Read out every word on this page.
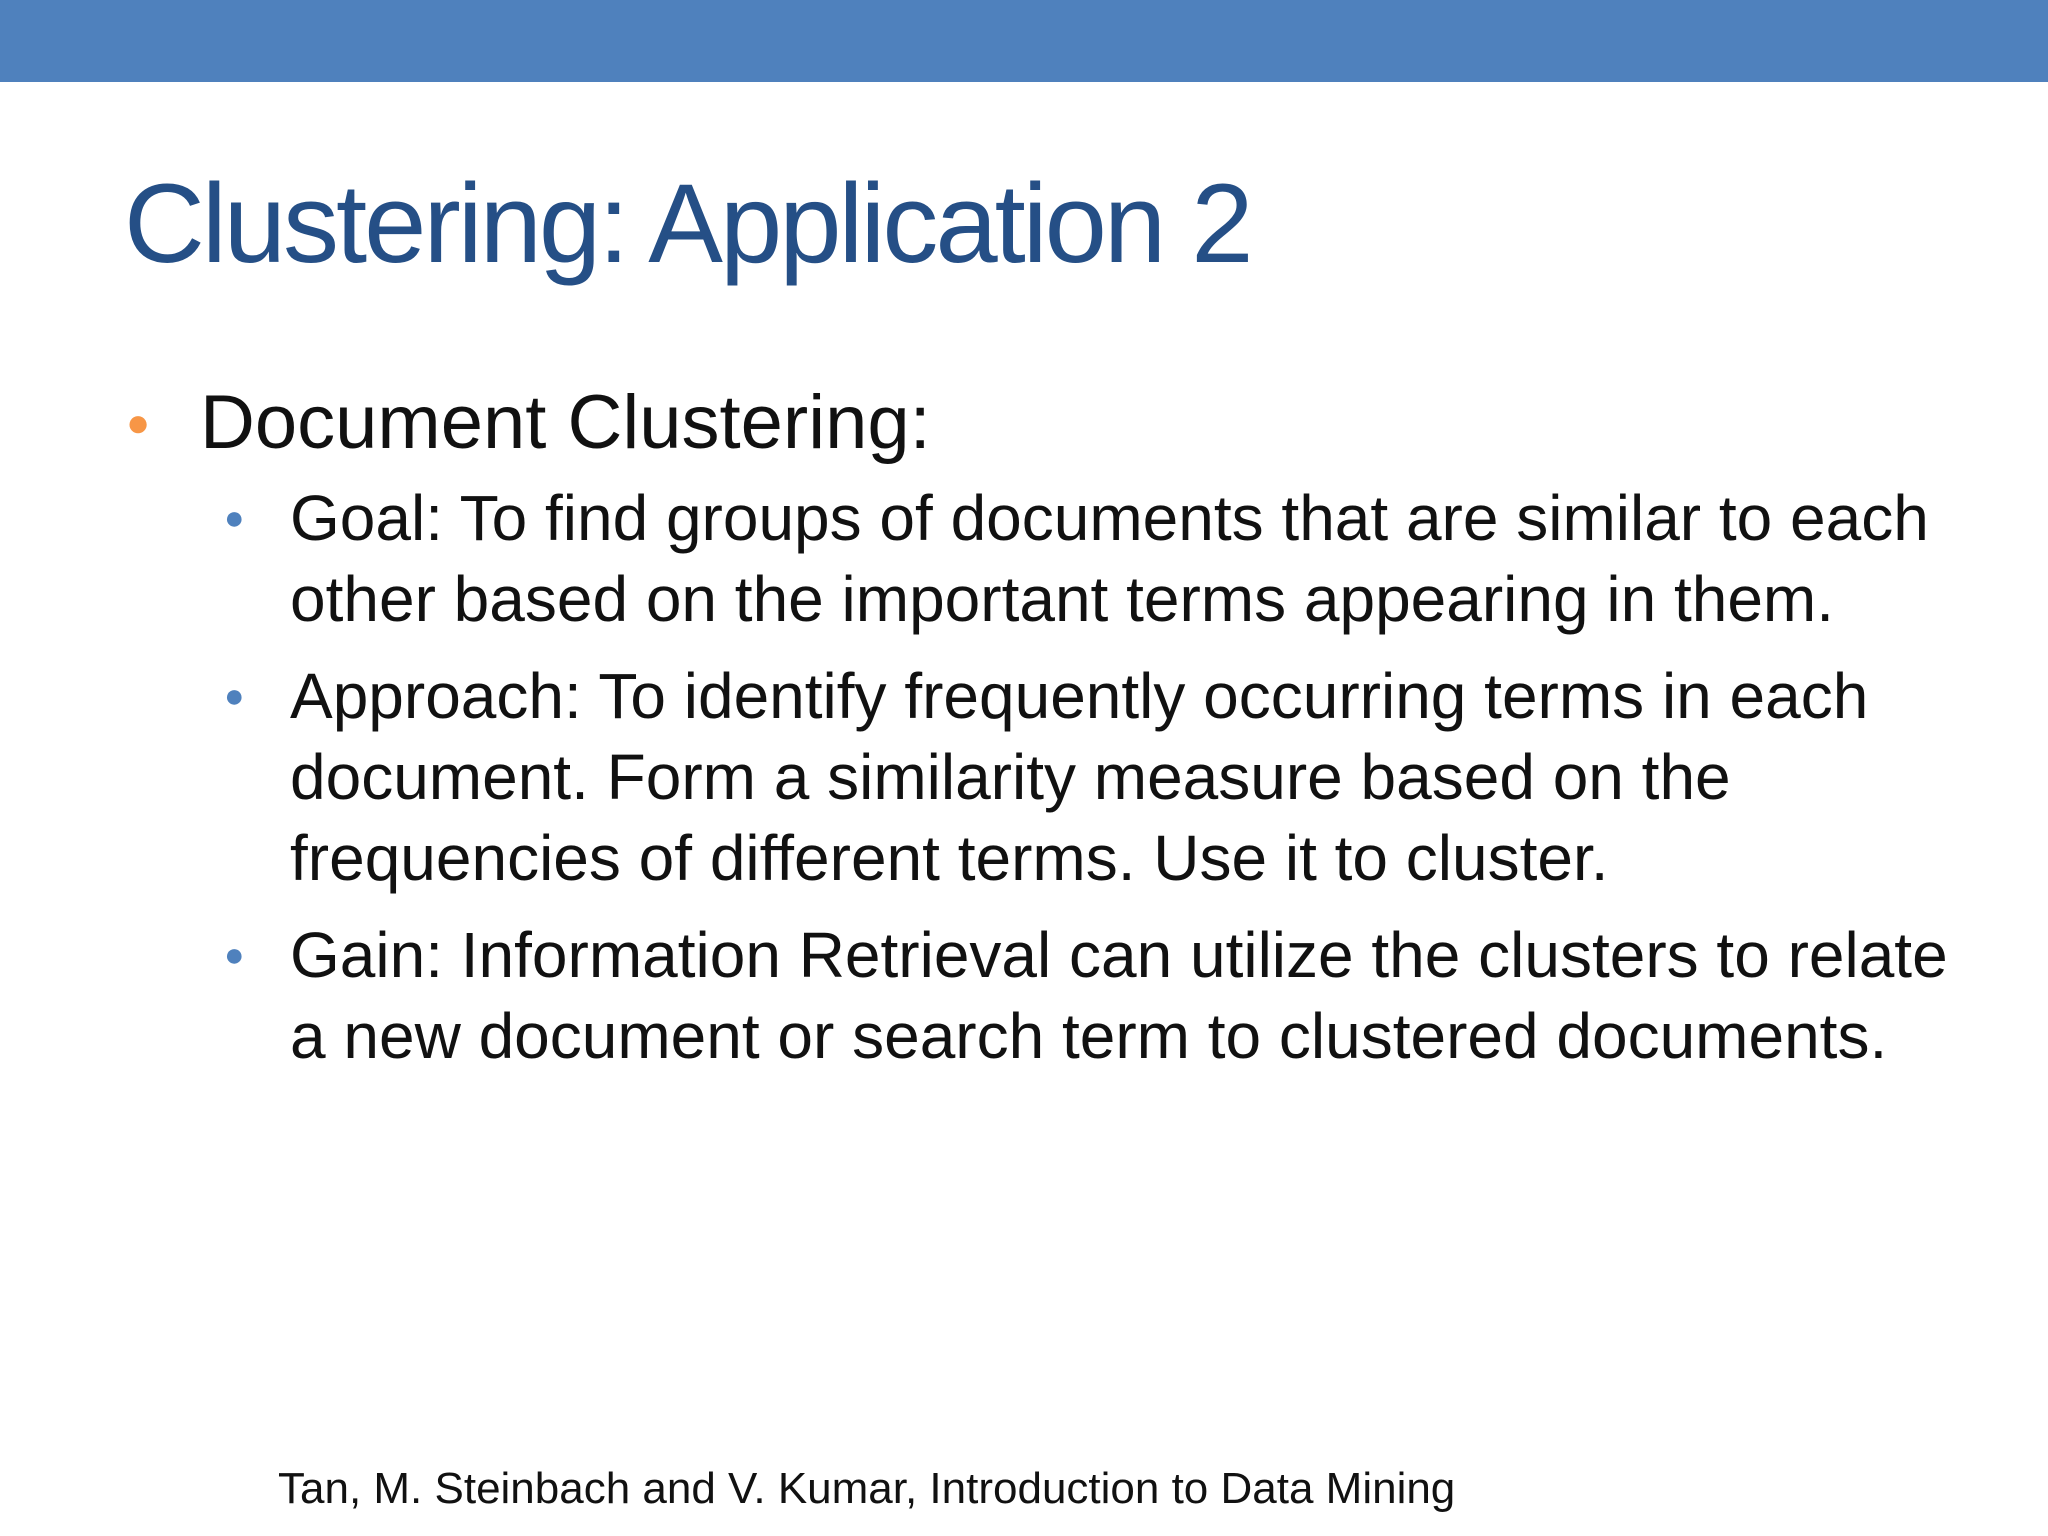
Clustering: Application 2
● Document Clustering:
● Goal: To find groups of documents that are similar to each other based on the important terms appearing in them.
● Approach: To identify frequently occurring terms in each document. Form a similarity measure based on the frequencies of different terms. Use it to cluster.
● Gain: Information Retrieval can utilize the clusters to relate a new document or search term to clustered documents.
Tan, M. Steinbach and V. Kumar, Introduction to Data Mining
